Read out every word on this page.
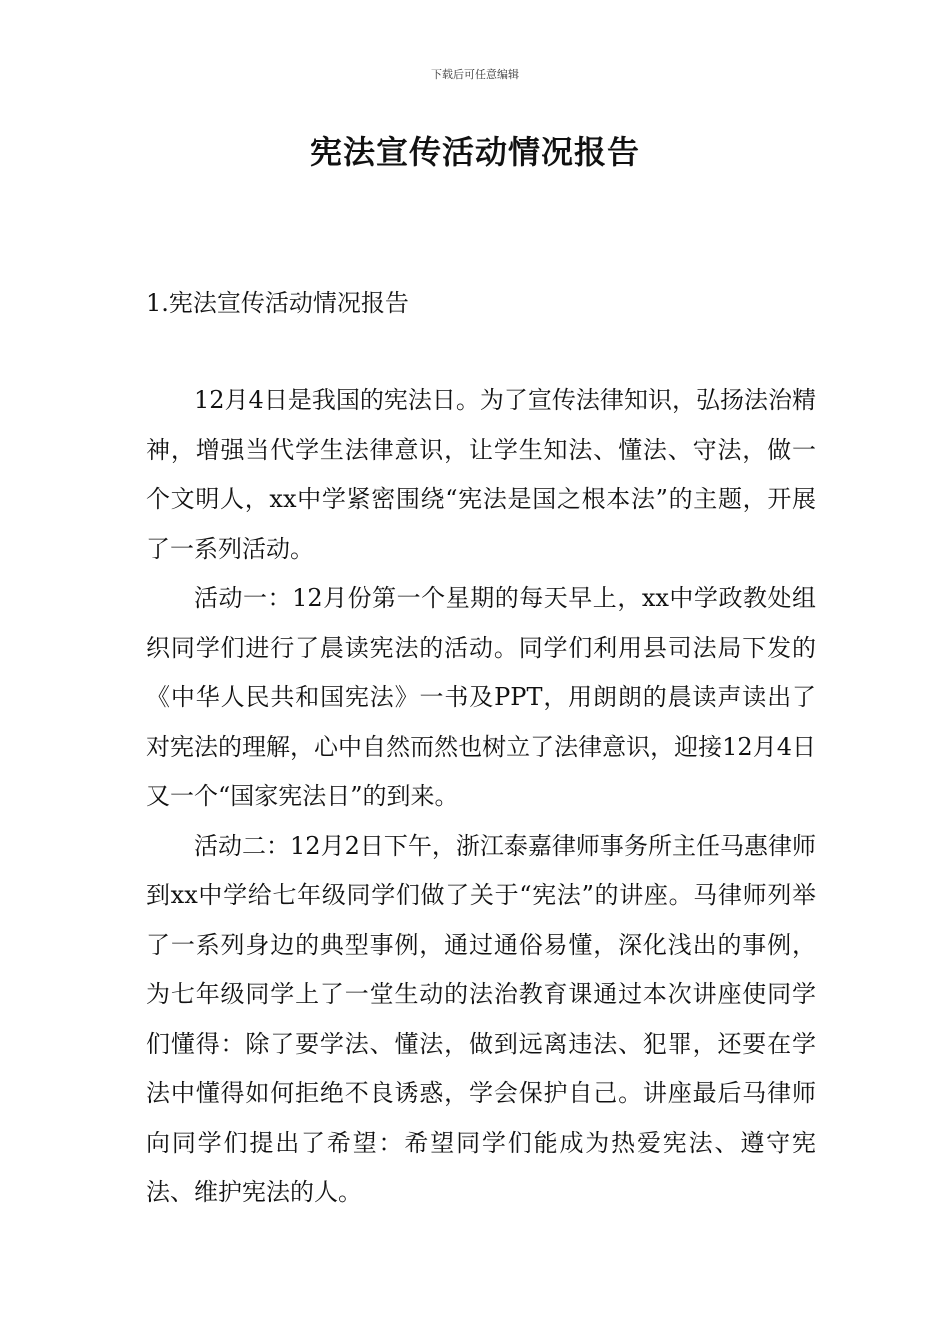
下载后可任意编辑
宪法宣传活动情况报告
1.宪法宣传活动情况报告

12月4日是我国的宪法日。为了宣传法律知识，弘扬法治精神，增强当代学生法律意识，让学生知法、懂法、守法，做一个文明人，xx中学紧密围绕“宪法是国之根本法”的主题，开展了一系列活动。

活动一：12月份第一个星期的每天早上，xx中学政教处组织同学们进行了晨读宪法的活动。同学们利用县司法局下发的《中华人民共和国宪法》一书及PPT，用朗朗的晨读声读出了对宪法的理解，心中自然而然也树立了法律意识，迎接12月4日又一个“国家宪法日”的到来。

活动二：12月2日下午，浙江泰嘉律师事务所主任马惠律师到xx中学给七年级同学们做了关于“宪法”的讲座。马律师列举了一系列身边的典型事例，通过通俗易懂，深化浅出的事例，为七年级同学上了一堂生动的法治教育课通过本次讲座使同学们懂得：除了要学法、懂法，做到远离违法、犯罪，还要在学法中懂得如何拒绝不良诱惑，学会保护自己。讲座最后马律师向同学们提出了希望：希望同学们能成为热爱宪法、遵守宪法、维护宪法的人。
